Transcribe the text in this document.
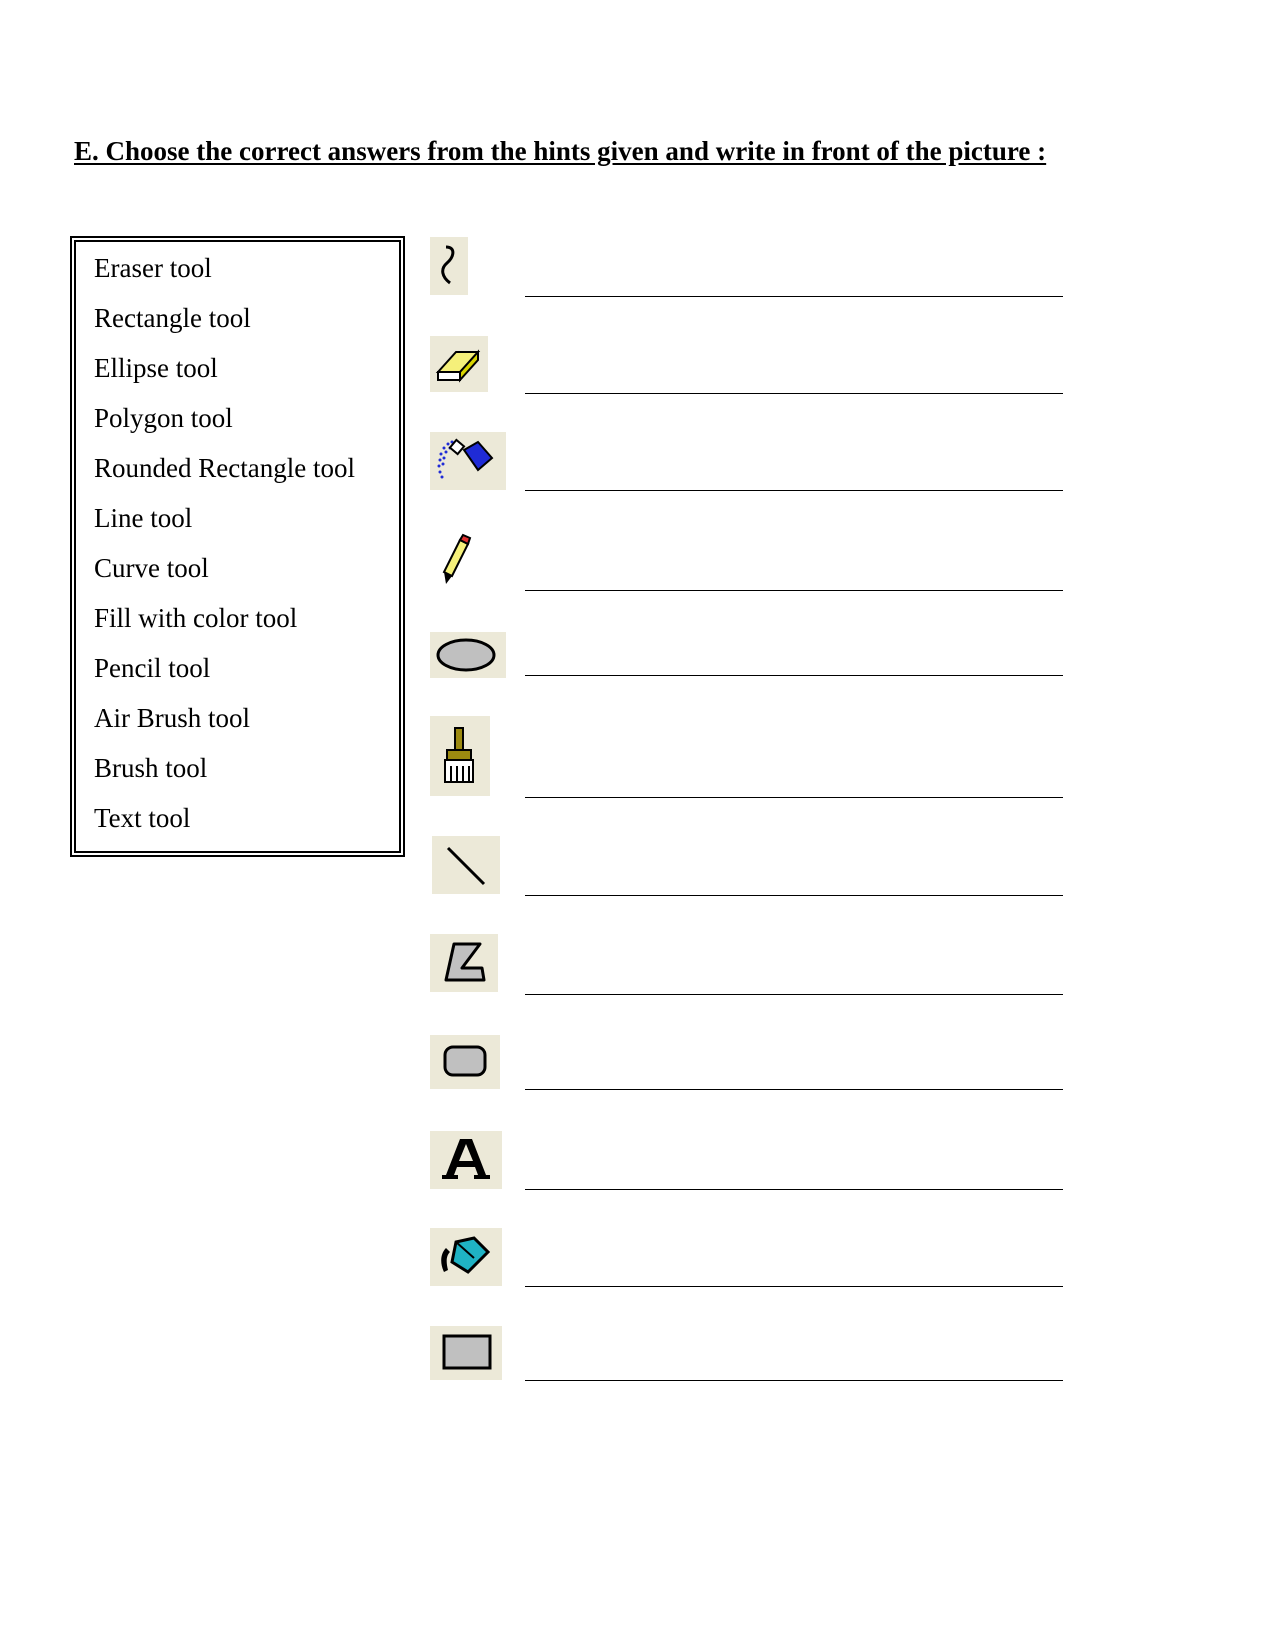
E. Choose the correct answers from the hints given and write in front of the picture :
Eraser tool
Rectangle tool
Ellipse tool
Polygon tool
Rounded Rectangle tool
Line tool
Curve tool
Fill with color tool
Pencil tool
Air Brush tool
Brush tool
Text tool
